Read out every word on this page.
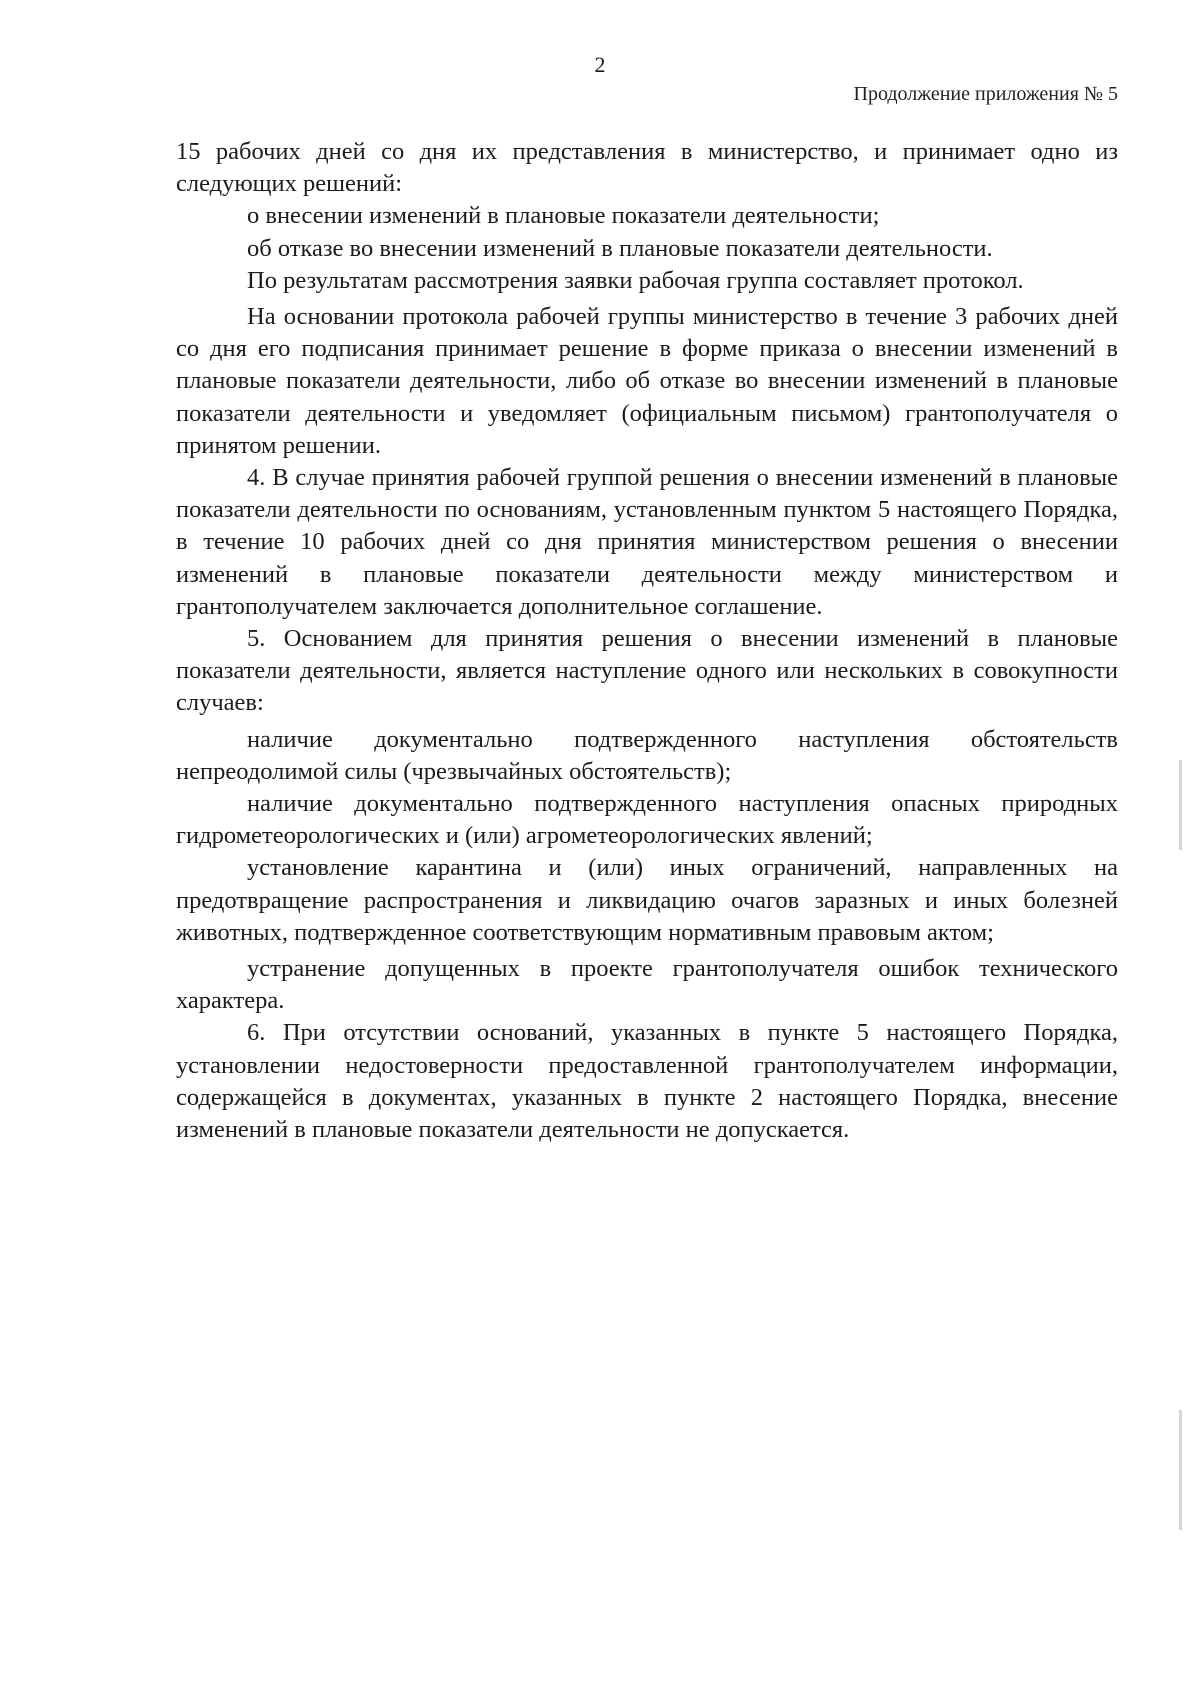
2

Продолжение приложения № 5

15 рабочих дней со дня их представления в министерство, и принимает одно из следующих решений:

о внесении изменений в плановые показатели деятельности;

об отказе во внесении изменений в плановые показатели деятельности.

По результатам рассмотрения заявки рабочая группа составляет протокол.

На основании протокола рабочей группы министерство в течение 3 рабочих дней со дня его подписания принимает решение в форме приказа о внесении изменений в плановые показатели деятельности, либо об отказе во внесении изменений в плановые показатели деятельности и уведомляет (официальным письмом) грантополучателя о принятом решении.

4. В случае принятия рабочей группой решения о внесении изменений в плановые показатели деятельности по основаниям, установленным пунктом 5 настоящего Порядка, в течение 10 рабочих дней со дня принятия министерством решения о внесении изменений в плановые показатели деятельности между министерством и грантополучателем заключается дополнительное соглашение.

5. Основанием для принятия решения о внесении изменений в плановые показатели деятельности, является наступление одного или нескольких в совокупности случаев:

наличие документально подтвержденного наступления обстоятельств непреодолимой силы (чрезвычайных обстоятельств);

наличие документально подтвержденного наступления опасных природных гидрометеорологических и (или) агрометеорологических явлений;

установление карантина и (или) иных ограничений, направленных на предотвращение распространения и ликвидацию очагов заразных и иных болезней животных, подтвержденное соответствующим нормативным правовым актом;

устранение допущенных в проекте грантополучателя ошибок технического характера.

6. При отсутствии оснований, указанных в пункте 5 настоящего Порядка, установлении недостоверности предоставленной грантополучателем информации, содержащейся в документах, указанных в пункте 2 настоящего Порядка, внесение изменений в плановые показатели деятельности не допускается.
